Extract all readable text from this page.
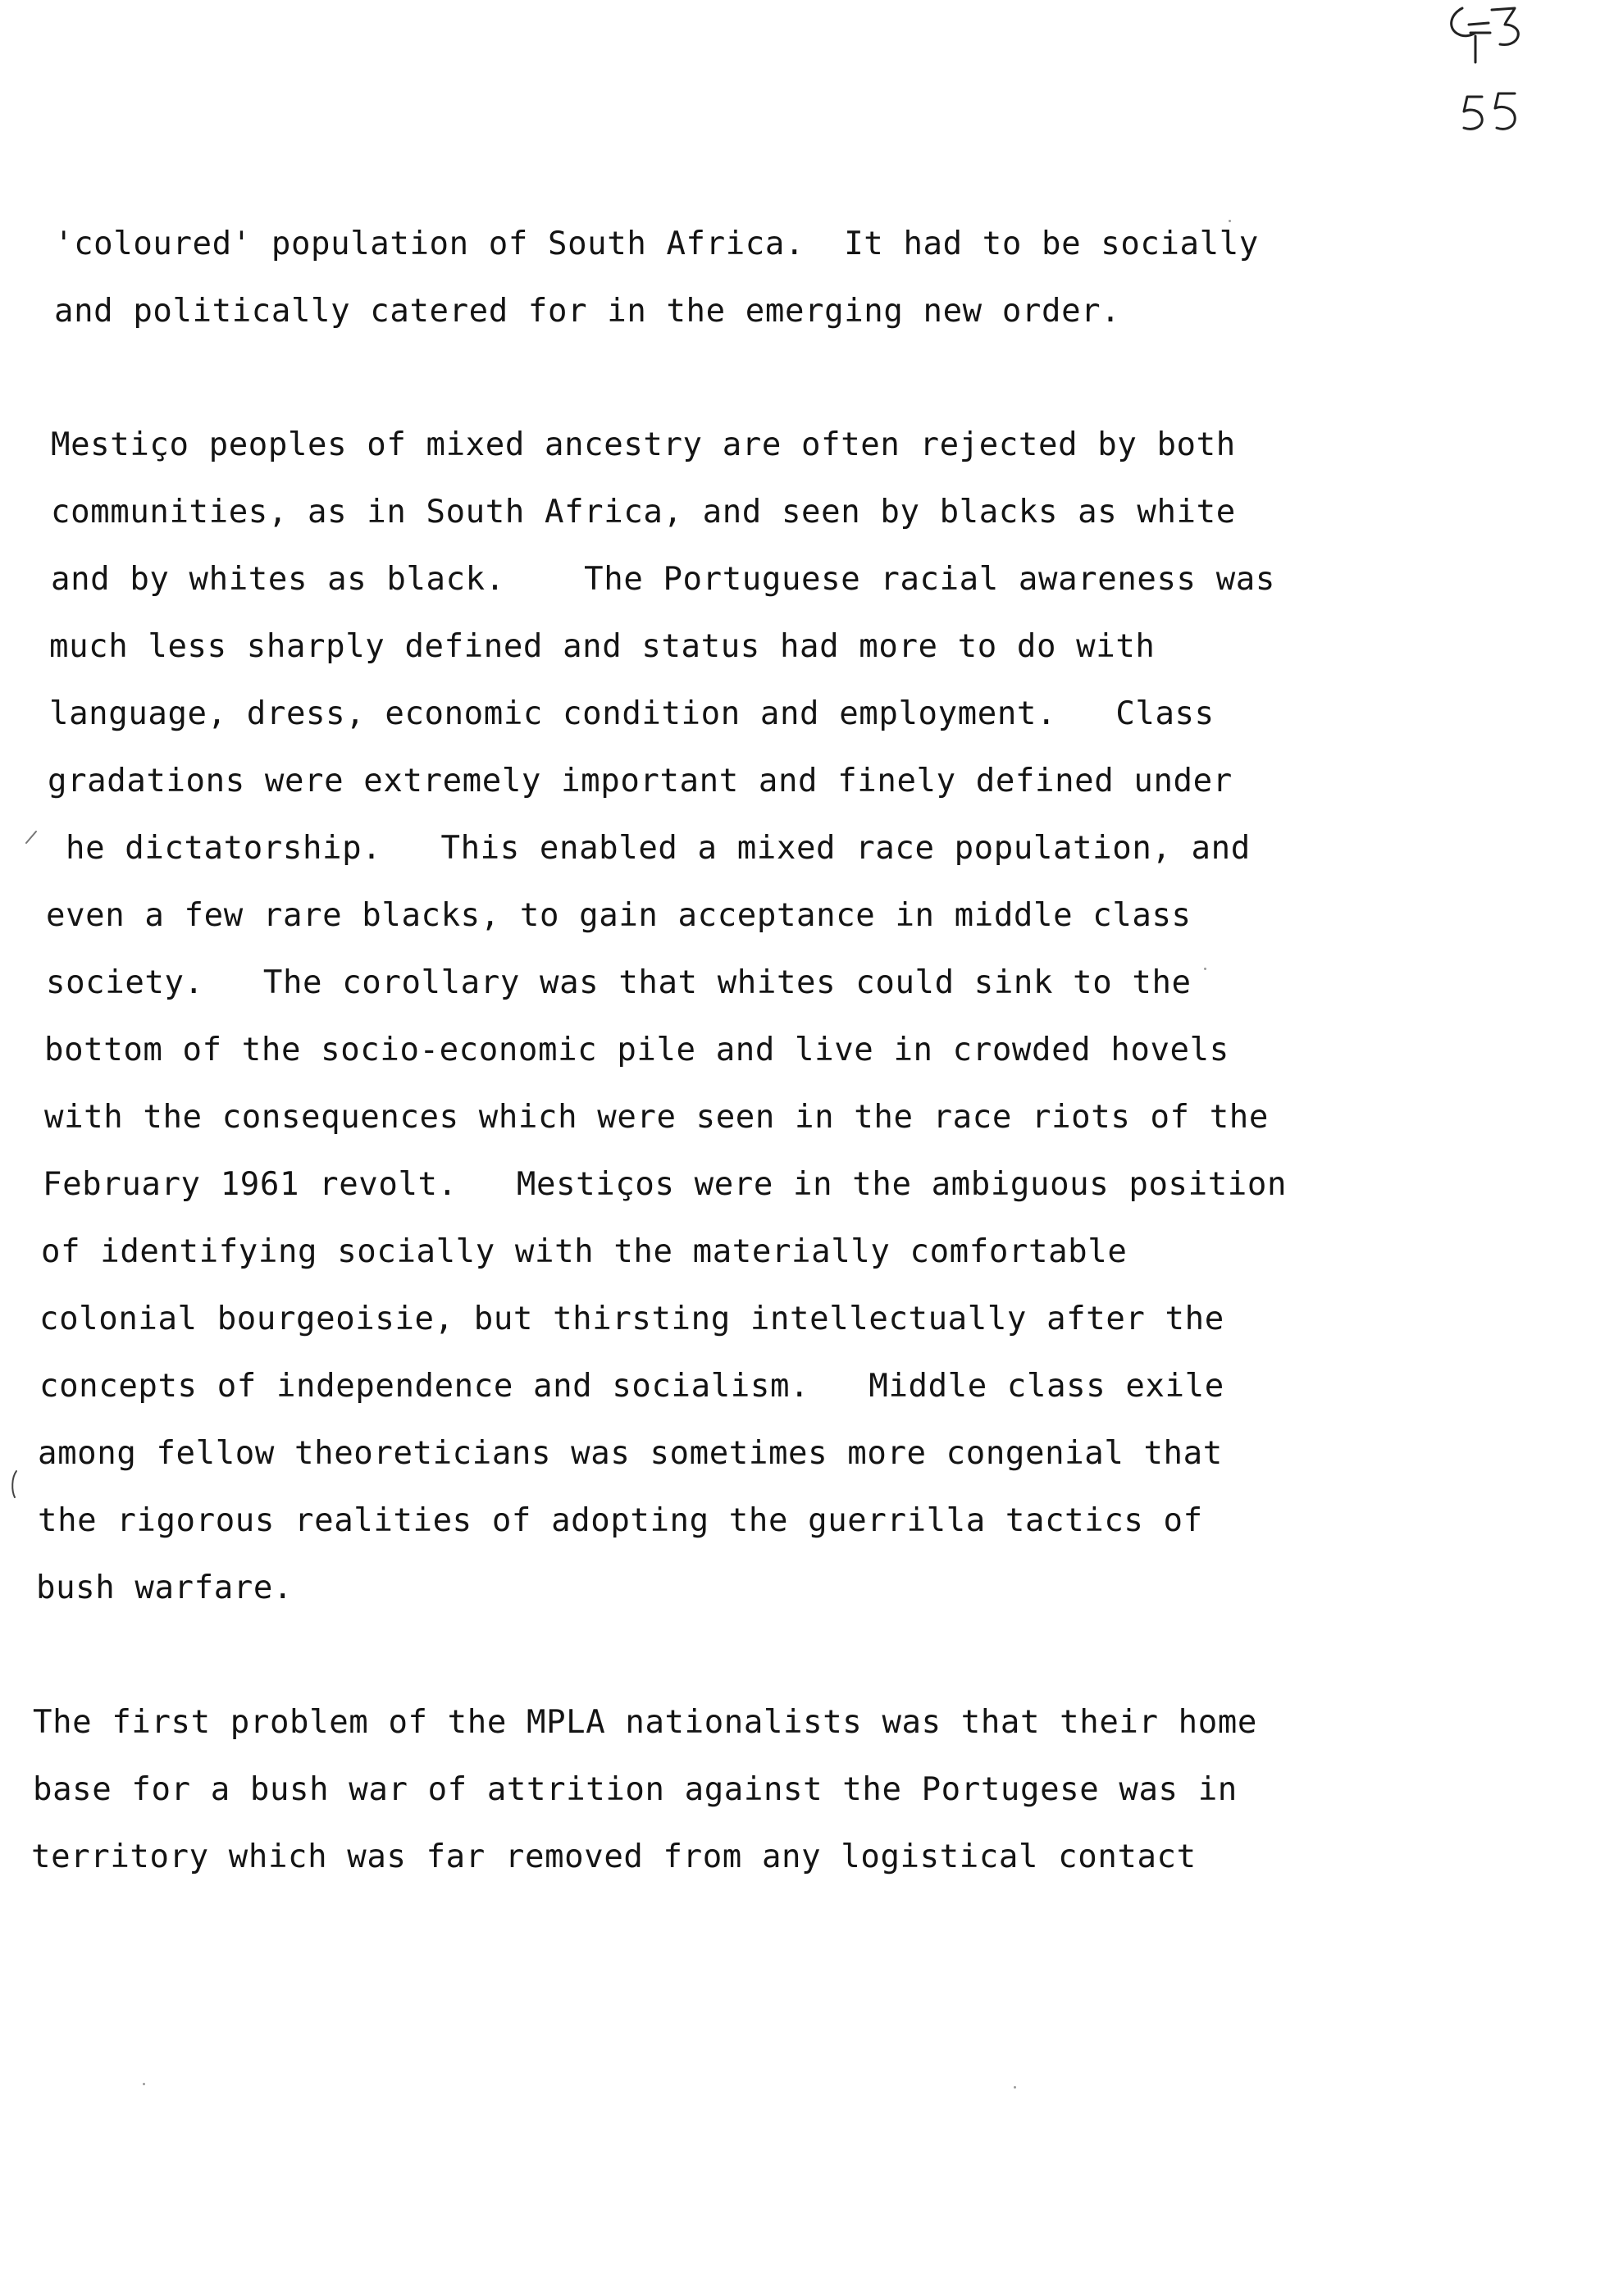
'coloured' population of South Africa.  It had to be socially

and politically catered for in the emerging new order.

Mestiço peoples of mixed ancestry are often rejected by both

communities, as in South Africa, and seen by blacks as white

and by whites as black.    The Portuguese racial awareness was

much less sharply defined and status had more to do with

language, dress, economic condition and employment.   Class

gradations were extremely important and finely defined under

he dictatorship.   This enabled a mixed race population, and

even a few rare blacks, to gain acceptance in middle class

society.   The corollary was that whites could sink to the

bottom of the socio-economic pile and live in crowded hovels

with the consequences which were seen in the race riots of the

February 1961 revolt.   Mestiços were in the ambiguous position

of identifying socially with the materially comfortable

colonial bourgeoisie, but thirsting intellectually after the

concepts of independence and socialism.   Middle class exile

among fellow theoreticians was sometimes more congenial that

the rigorous realities of adopting the guerrilla tactics of

bush warfare.

The first problem of the MPLA nationalists was that their home

base for a bush war of attrition against the Portugese was in

territory which was far removed from any logistical contact
